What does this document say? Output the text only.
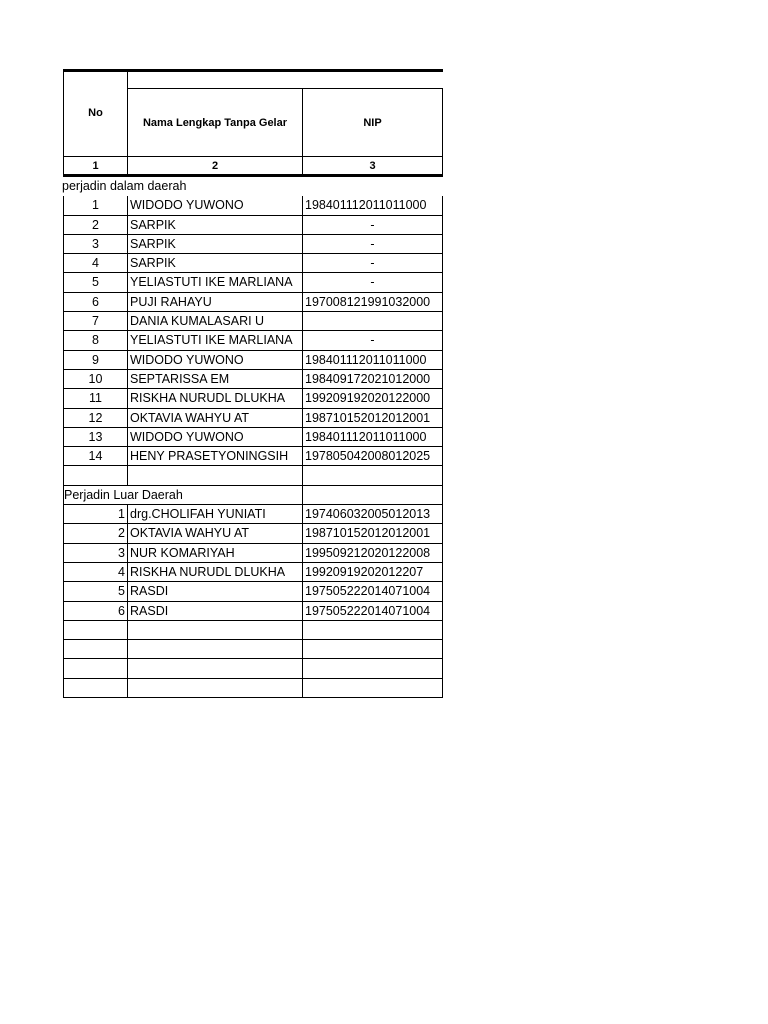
No
Nama Lengkap Tanpa Gelar	NIP
1	2	3
perjadin dalam daerah
1	WIDODO YUWONO	198401112011011000
2	SARPIK	-
3	SARPIK	-
4	SARPIK	-
5	YELIASTUTI IKE MARLIANA	-
6	PUJI RAHAYU	197008121991032000
7	DANIA KUMALASARI U
8	YELIASTUTI IKE MARLIANA	-
9	WIDODO YUWONO	198401112011011000
10	SEPTARISSA EM	198409172021012000
11	RISKHA NURUDL DLUKHA	199209192020122000
12	OKTAVIA WAHYU AT	198710152012012001
13	WIDODO YUWONO	198401112011011000
14	HENY PRASETYONINGSIH	197805042008012025
Perjadin Luar Daerah
1 drg.CHOLIFAH YUNIATI	197406032005012013
2 OKTAVIA WAHYU AT	198710152012012001
3 NUR KOMARIYAH	199509212020122008
4 RISKHA NURUDL DLUKHA	19920919202012207
5 RASDI	197505222014071004
6 RASDI	197505222014071004
